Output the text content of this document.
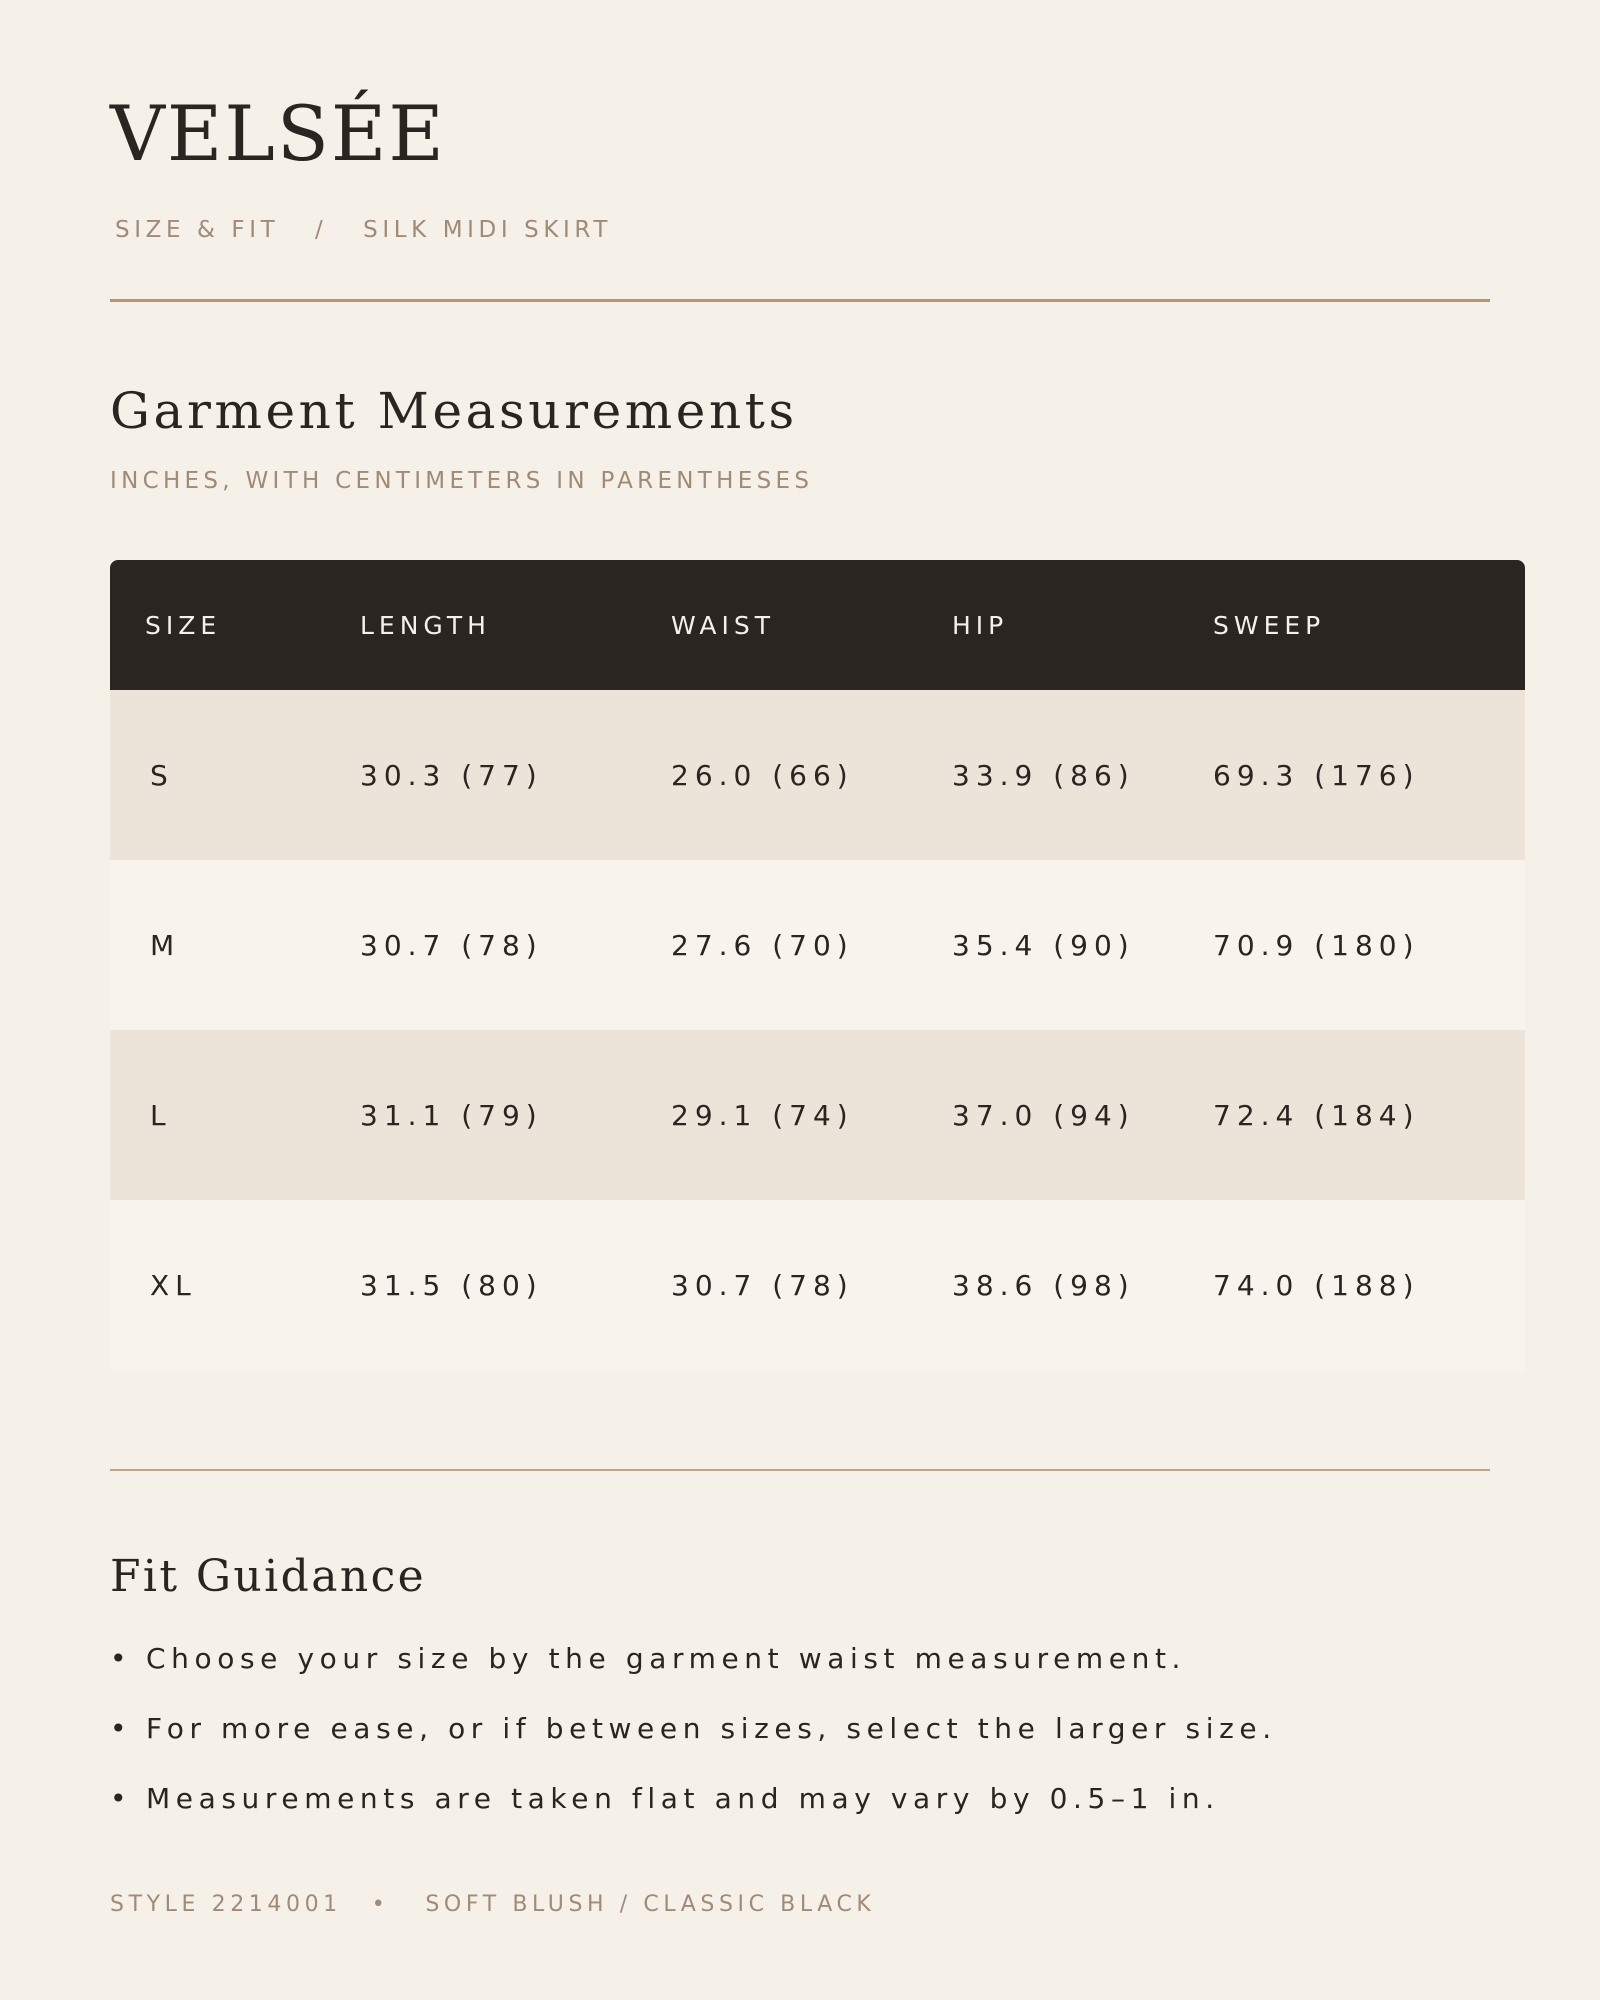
VELSÉE
SIZE & FIT / SILK MIDI SKIRT
Garment Measurements
INCHES, WITH CENTIMETERS IN PARENTHESES
SIZE	LENGTH	WAIST	HIP	SWEEP
S	30.3 (77)	26.0 (66)	33.9 (86)	69.3 (176)
M	30.7 (78)	27.6 (70)	35.4 (90)	70.9 (180)
L	31.1 (79)	29.1 (74)	37.0 (94)	72.4 (184)
XL	31.5 (80)	30.7 (78)	38.6 (98)	74.0 (188)
Fit Guidance
• Choose your size by the garment waist measurement.
• For more ease, or if between sizes, select the larger size.
• Measurements are taken flat and may vary by 0.5–1 in.
STYLE 2214001 • SOFT BLUSH / CLASSIC BLACK
